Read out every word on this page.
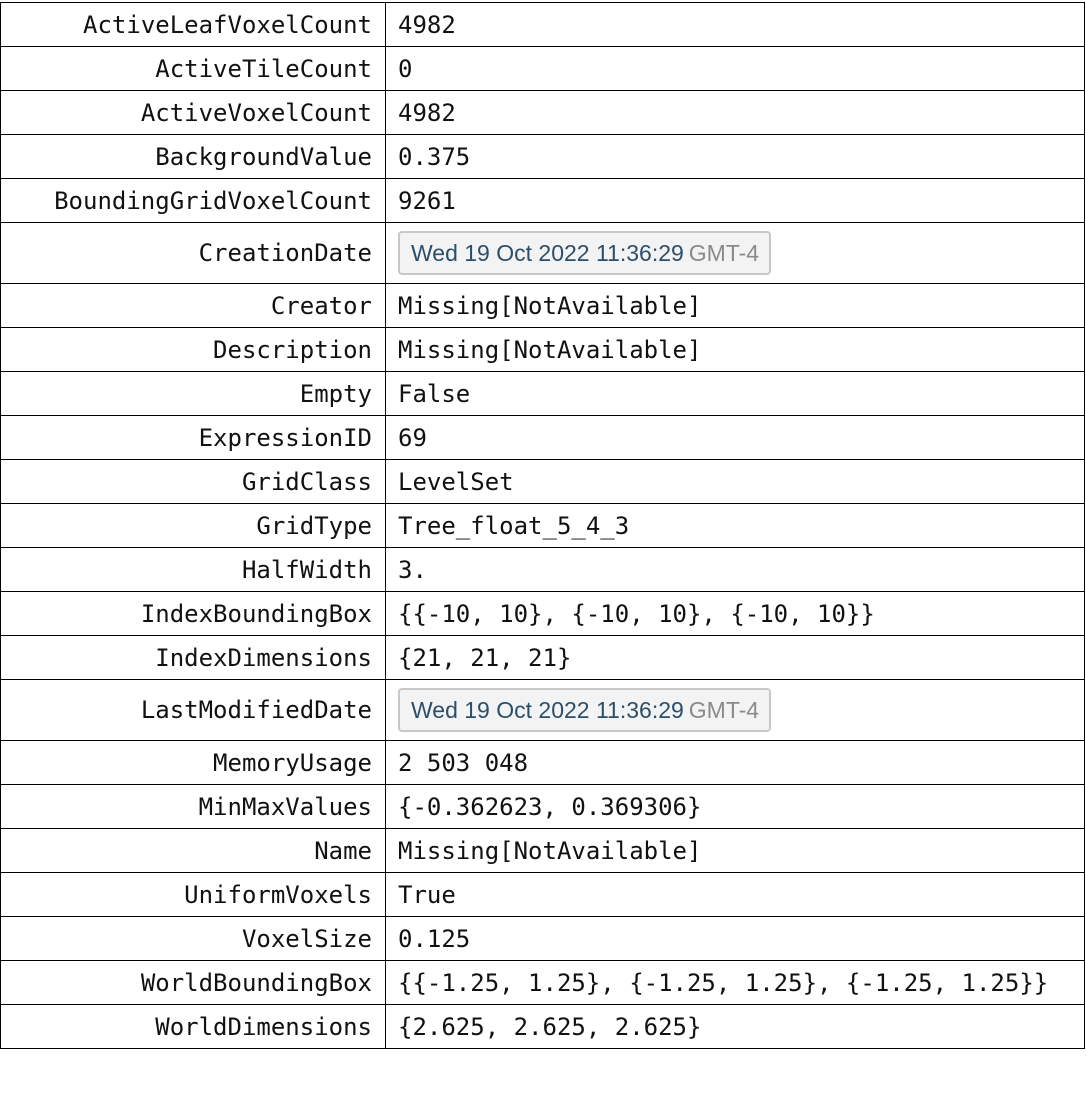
ActiveLeafVoxelCount	4982
ActiveTileCount	0
ActiveVoxelCount	4982
BackgroundValue	0.375
BoundingGridVoxelCount	9261
CreationDate	Wed 19 Oct 2022 11:36:29 GMT-4
Creator	Missing[NotAvailable]
Description	Missing[NotAvailable]
Empty	False
ExpressionID	69
GridClass	LevelSet
GridType	Tree_float_5_4_3
HalfWidth	3.
IndexBoundingBox	{{-10, 10}, {-10, 10}, {-10, 10}}
IndexDimensions	{21, 21, 21}
LastModifiedDate	Wed 19 Oct 2022 11:36:29 GMT-4
MemoryUsage	2 503 048
MinMaxValues	{-0.362623, 0.369306}
Name	Missing[NotAvailable]
UniformVoxels	True
VoxelSize	0.125
WorldBoundingBox	{{-1.25, 1.25}, {-1.25, 1.25}, {-1.25, 1.25}}
WorldDimensions	{2.625, 2.625, 2.625}
